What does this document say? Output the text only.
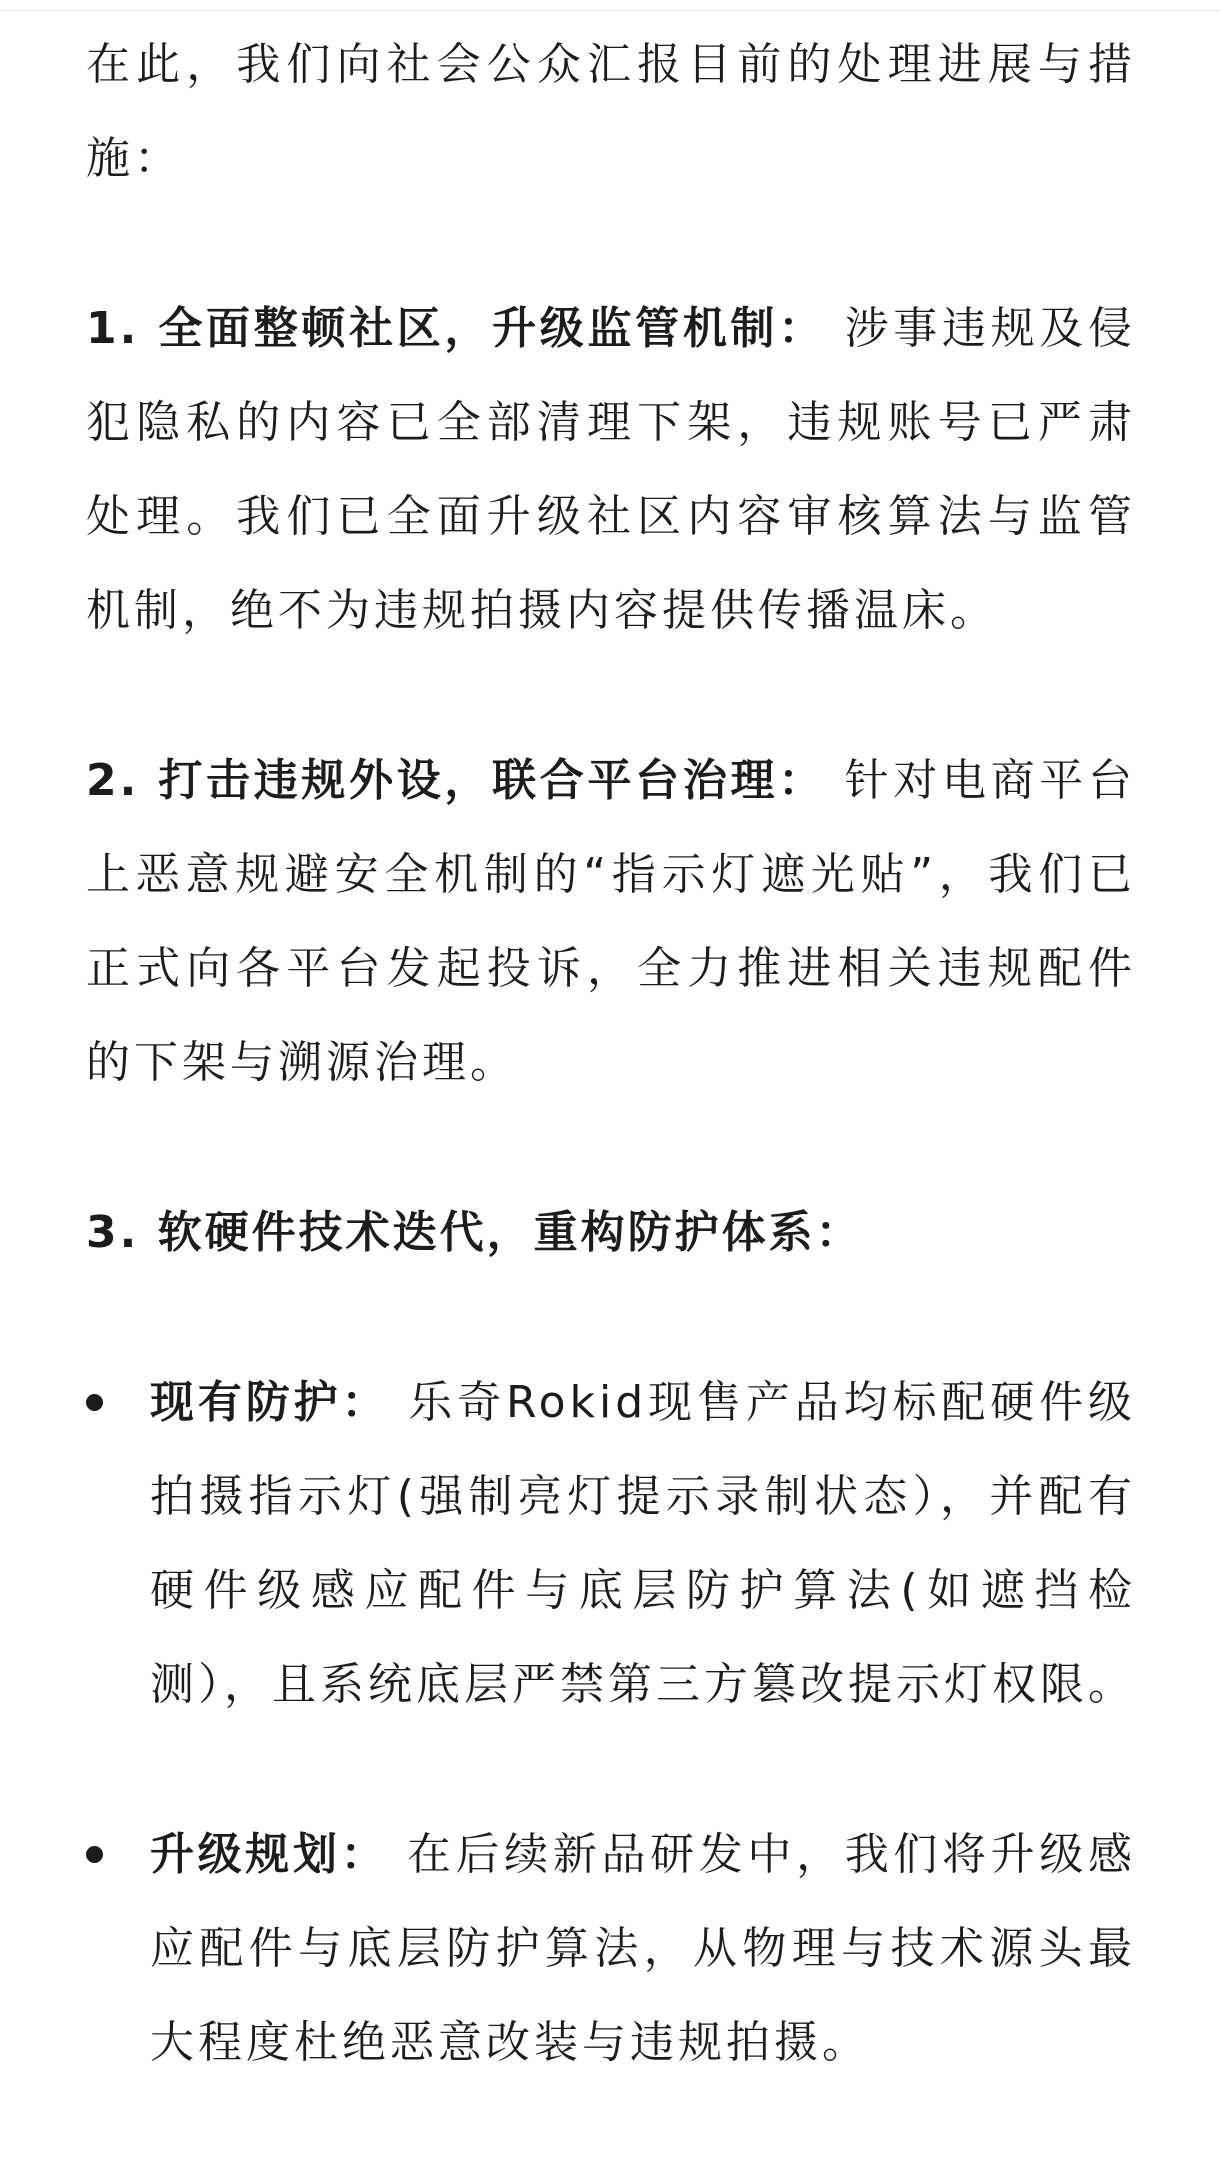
在此，我们向社会公众汇报目前的处理进展与措施：

1. 全面整顿社区，升级监管机制： 涉事违规及侵犯隐私的内容已全部清理下架，违规账号已严肃处理。我们已全面升级社区内容审核算法与监管机制，绝不为违规拍摄内容提供传播温床。

2. 打击违规外设，联合平台治理： 针对电商平台上恶意规避安全机制的“指示灯遮光贴”，我们已正式向各平台发起投诉，全力推进相关违规配件的下架与溯源治理。

3. 软硬件技术迭代，重构防护体系：

现有防护： 乐奇Rokid现售产品均标配硬件级拍摄指示灯(强制亮灯提示录制状态），并配有硬件级感应配件与底层防护算法(如遮挡检测），且系统底层严禁第三方篡改提示灯权限。
升级规划： 在后续新品研发中，我们将升级感应配件与底层防护算法，从物理与技术源头最大程度杜绝恶意改装与违规拍摄。
